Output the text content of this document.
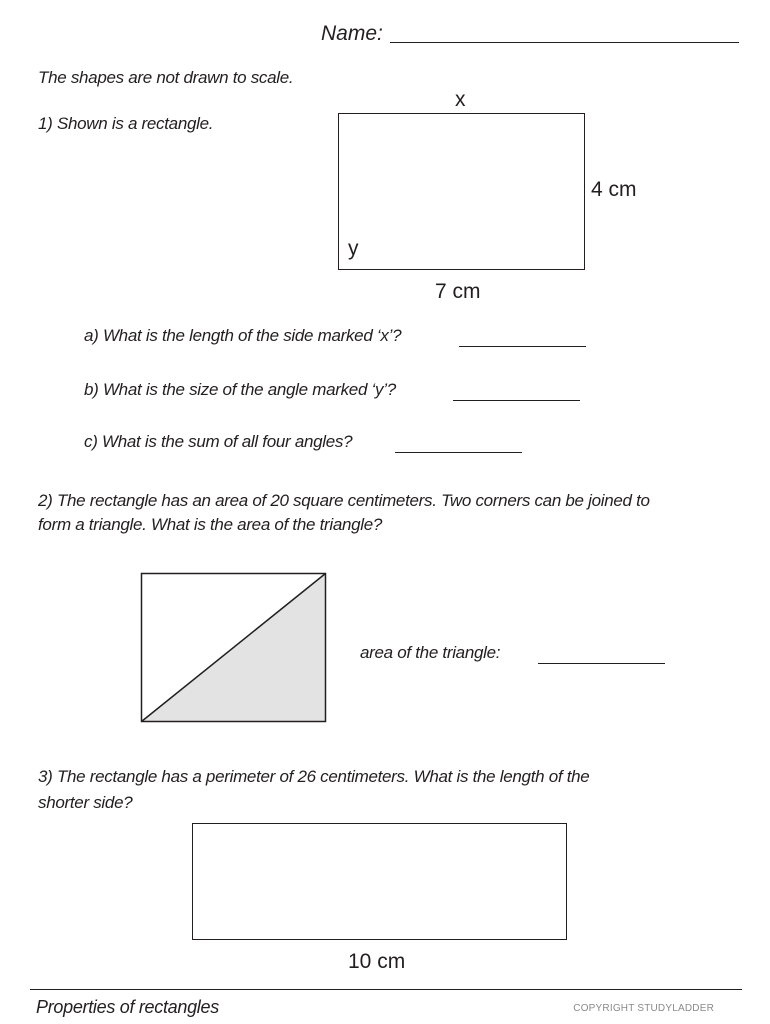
Name:
The shapes are not drawn to scale.
1) Shown is a rectangle.
x
4 cm
y
7 cm
a) What is the length of the side marked ‘x’?
b) What is the size of the angle marked ‘y’?
c) What is the sum of all four angles?
2) The rectangle has an area of 20 square centimeters. Two corners can be joined to
form a triangle. What is the area of the triangle?
area of the triangle:
3) The rectangle has a perimeter of 26 centimeters. What is the length of the
shorter side?
10 cm
Properties of rectangles	COPYRIGHT STUDYLADDER
